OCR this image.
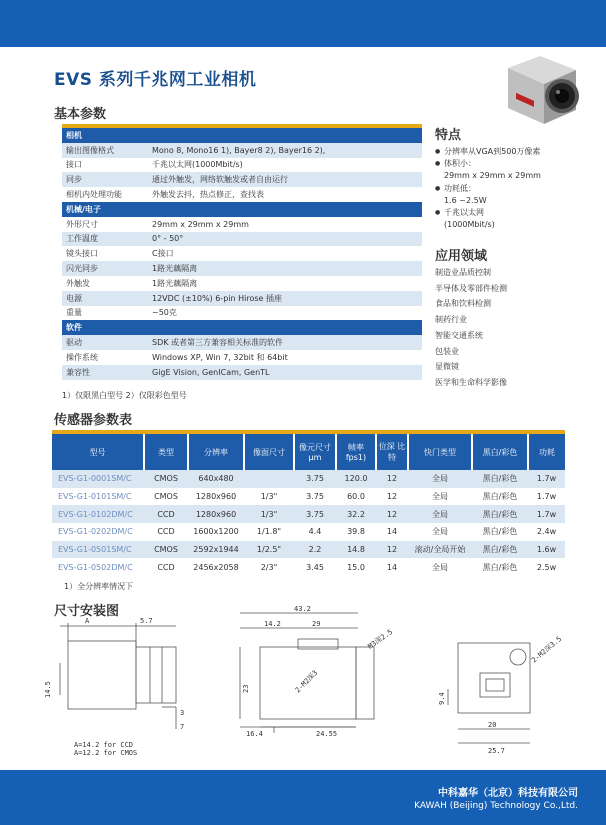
EVS 系列千兆网工业相机
基本参数
相机
输出图像格式	Mono 8, Mono16 1), Bayer8 2), Bayer16 2),
接口	千兆以太网(1000Mbit/s)
同步	通过外触发，网络软触发或者自由运行
相机内处理功能	外触发去抖，热点修正，查找表
机械/电子
外形尺寸	29mm x 29mm x 29mm
工作温度	0° - 50°
镜头接口	C接口
闪光同步	1路光藕隔离
外触发	1路光藕隔离
电源	12VDC (±10%) 6-pin Hirose 插座
重量	~50克
软件
驱动	SDK 或者第三方兼容相关标准的软件
操作系统	Windows XP, Win 7, 32bit 和 64bit
兼容性	GigE Vision, GenICam, GenTL
1）仅限黑白型号 2）仅限彩色型号
特点
● 分辨率从VGA到500万像素
● 体积小：
29mm x 29mm x 29mm
● 功耗低：
1.6 ~2.5W
● 千兆以太网
(1000Mbit/s)
应用领域
制造业品质控制
半导体及零部件检测
食品和饮料检测
制药行业
智能交通系统
包装业
显微镜
医学和生命科学影像
传感器参数表
型号	类型	分辨率	像面尺寸	像元尺寸 μm	帧率 fps1)	位深 比特	快门类型	黑白/彩色	功耗
EVS-G1-0001SM/C	CMOS	640x480		3.75	120.0	12	全局	黑白/彩色	1.7w
EVS-G1-0101SM/C	CMOS	1280x960	1/3"	3.75	60.0	12	全局	黑白/彩色	1.7w
EVS-G1-0102DM/C	CCD	1280x960	1/3"	3.75	32.2	12	全局	黑白/彩色	1.7w
EVS-G1-0202DM/C	CCD	1600x1200	1/1.8"	4.4	39.8	14	全局	黑白/彩色	2.4w
EVS-G1-0501SM/C	CMOS	2592x1944	1/2.5"	2.2	14.8	12	滚动/全局开始	黑白/彩色	1.6w
EVS-G1-0502DM/C	CCD	2456x2058	2/3"	3.45	15.0	14	全局	黑白/彩色	2.5w
1）全分辨率情况下
尺寸安装图
A	5.7
14.5
3
7
A=14.2 for CCD
A=12.2 for CMOS
43.2
14.2	29
M3深2.5
23	2-M2深3
16.4	24.55
2-M2深3.5
9.4
20
25.7
中科嘉华（北京）科技有限公司
KAWAH (Beijing) Technology Co.,Ltd.
